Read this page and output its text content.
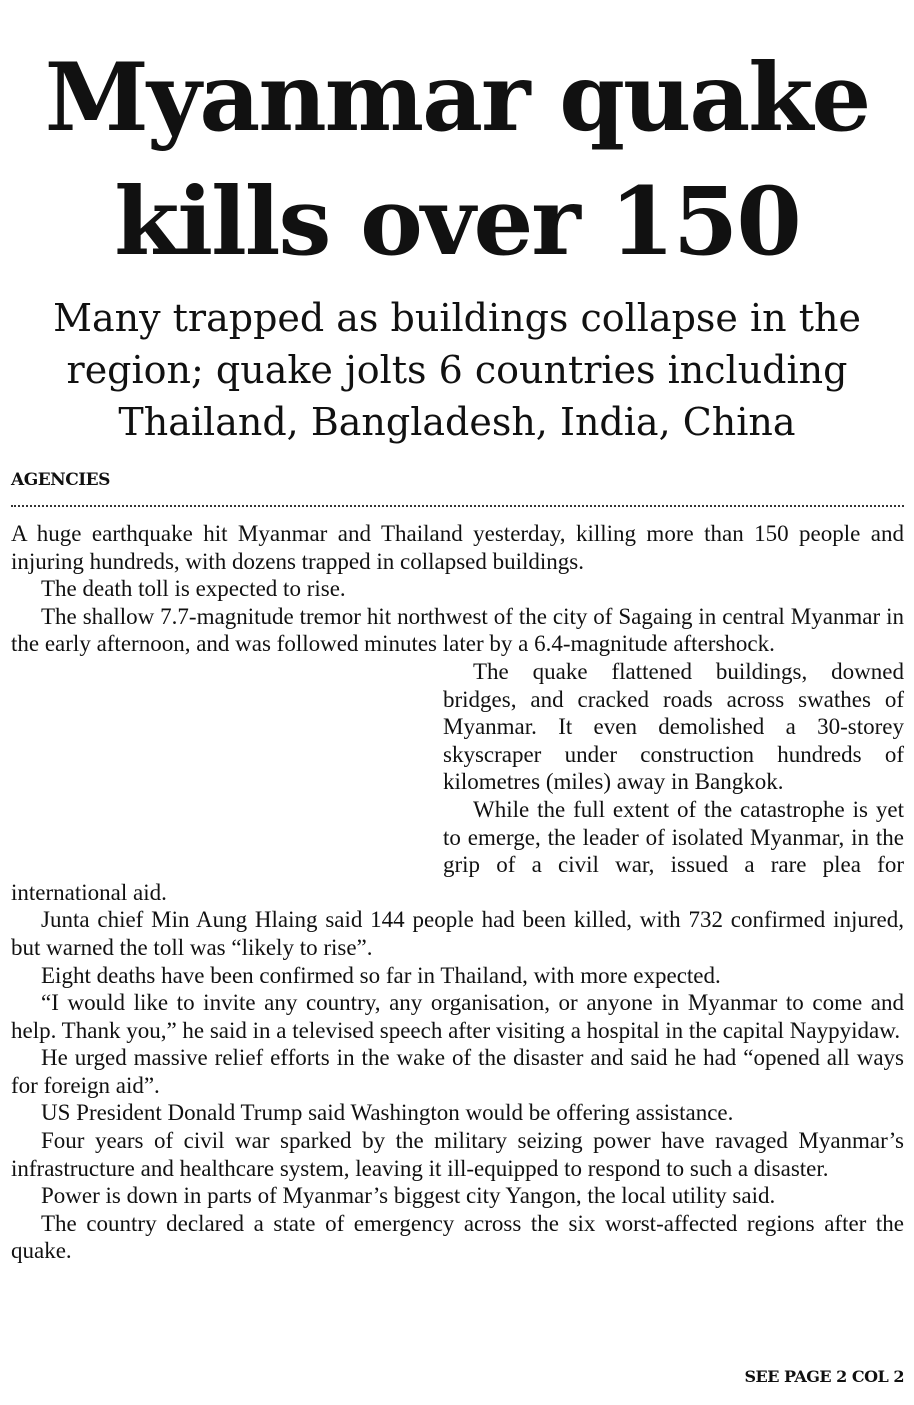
Myanmar quake
kills over 150
Many trapped as buildings collapse in the
region; quake jolts 6 countries including
Thailand, Bangladesh, India, China
AGENCIES

A huge earthquake hit Myanmar and Thailand yesterday, killing more than 150 people and injuring hundreds, with dozens trapped in collapsed buildings.

The death toll is expected to rise.

The shallow 7.7-magnitude tremor hit northwest of the city of Sagaing in central Myanmar in the early afternoon, and was followed minutes later by a 6.4-magnitude aftershock.

The quake flattened buildings, downed bridges, and cracked roads across swathes of Myanmar. It even demolished a 30-storey skyscraper under construction hundreds of kilometres (miles) away in Bangkok.

While the full extent of the catastrophe is yet to emerge, the leader of isolated Myanmar, in the grip of a civil war, issued a rare plea for international aid.

Junta chief Min Aung Hlaing said 144 people had been killed, with 732 confirmed injured, but warned the toll was “likely to rise”.

Eight deaths have been confirmed so far in Thailand, with more expected.

“I would like to invite any country, any organisation, or anyone in Myanmar to come and help. Thank you,” he said in a televised speech after visiting a hospital in the capital Naypyidaw.

He urged massive relief efforts in the wake of the disaster and said he had “opened all ways for foreign aid”.

US President Donald Trump said Washington would be offering assistance.

Four years of civil war sparked by the military seizing power have ravaged Myanmar’s infrastructure and healthcare system, leaving it ill-equipped to respond to such a disaster.

Power is down in parts of Myanmar’s biggest city Yangon, the local utility said.

The country declared a state of emergency across the six worst-affected regions after the quake.

SEE PAGE 2 COL 2
